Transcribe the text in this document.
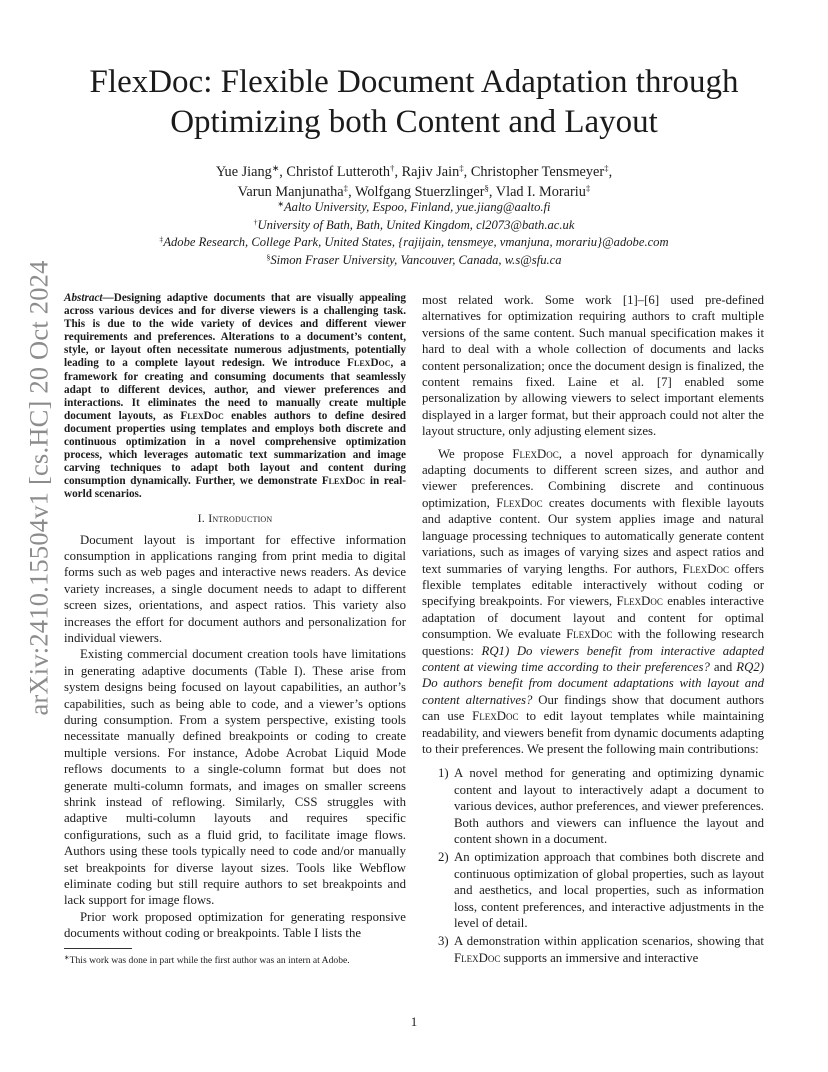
arXiv:2410.15504v1 [cs.HC] 20 Oct 2024
FlexDoc: Flexible Document Adaptation through
Optimizing both Content and Layout
Yue Jiang∗, Christof Lutteroth†, Rajiv Jain‡, Christopher Tensmeyer‡,
Varun Manjunatha‡, Wolfgang Stuerzlinger§, Vlad I. Morariu‡
∗Aalto University, Espoo, Finland, yue.jiang@aalto.fi
†University of Bath, Bath, United Kingdom, cl2073@bath.ac.uk
‡Adobe Research, College Park, United States, {rajijain, tensmeye, vmanjuna, morariu}@adobe.com
§Simon Fraser University, Vancouver, Canada, w.s@sfu.ca
Abstract—Designing adaptive documents that are visually appealing across various devices and for diverse viewers is a challenging task. This is due to the wide variety of devices and different viewer requirements and preferences. Alterations to a document’s content, style, or layout often necessitate numerous adjustments, potentially leading to a complete layout redesign. We introduce FlexDoc, a framework for creating and consuming documents that seamlessly adapt to different devices, author, and viewer preferences and interactions. It eliminates the need to manually create multiple document layouts, as FlexDoc enables authors to define desired document properties using templates and employs both discrete and continuous optimization in a novel comprehensive optimization process, which leverages automatic text summarization and image carving techniques to adapt both layout and content during consumption dynamically. Further, we demonstrate FlexDoc in real-world scenarios.
I. Introduction

Document layout is important for effective information consumption in applications ranging from print media to digital forms such as web pages and interactive news readers. As device variety increases, a single document needs to adapt to different screen sizes, orientations, and aspect ratios. This variety also increases the effort for document authors and personalization for individual viewers.

Existing commercial document creation tools have limitations in generating adaptive documents (Table I). These arise from system designs being focused on layout capabilities, an author’s capabilities, such as being able to code, and a viewer’s options during consumption. From a system perspective, existing tools necessitate manually defined breakpoints or coding to create multiple versions. For instance, Adobe Acrobat Liquid Mode reflows documents to a single-column format but does not generate multi-column formats, and images on smaller screens shrink instead of reflowing. Similarly, CSS struggles with adaptive multi-column layouts and requires specific configurations, such as a fluid grid, to facilitate image flows. Authors using these tools typically need to code and/or manually set breakpoints for diverse layout sizes. Tools like Webflow eliminate coding but still require authors to set breakpoints and lack support for image flows.

Prior work proposed optimization for generating responsive documents without coding or breakpoints. Table I lists the

most related work. Some work [1]–[6] used pre-defined alternatives for optimization requiring authors to craft multiple versions of the same content. Such manual specification makes it hard to deal with a whole collection of documents and lacks content personalization; once the document design is finalized, the content remains fixed. Laine et al. [7] enabled some personalization by allowing viewers to select important elements displayed in a larger format, but their approach could not alter the layout structure, only adjusting element sizes.

We propose FlexDoc, a novel approach for dynamically adapting documents to different screen sizes, and author and viewer preferences. Combining discrete and continuous optimization, FlexDoc creates documents with flexible layouts and adaptive content. Our system applies image and natural language processing techniques to automatically generate content variations, such as images of varying sizes and aspect ratios and text summaries of varying lengths. For authors, FlexDoc offers flexible templates editable interactively without coding or specifying breakpoints. For viewers, FlexDoc enables interactive adaptation of document layout and content for optimal consumption. We evaluate FlexDoc with the following research questions: RQ1) Do viewers benefit from interactive adapted content at viewing time according to their preferences? and RQ2) Do authors benefit from document adaptations with layout and content alternatives? Our findings show that document authors can use FlexDoc to edit layout templates while maintaining readability, and viewers benefit from dynamic documents adapting to their preferences. We present the following main contributions:

1) A novel method for generating and optimizing dynamic content and layout to interactively adapt a document to various devices, author preferences, and viewer preferences. Both authors and viewers can influence the layout and content shown in a document.
2) An optimization approach that combines both discrete and continuous optimization of global properties, such as layout and aesthetics, and local properties, such as information loss, content preferences, and interactive adjustments in the level of detail.
3) A demonstration within application scenarios, showing that FlexDoc supports an immersive and interactive
∗This work was done in part while the first author was an intern at Adobe.
1
